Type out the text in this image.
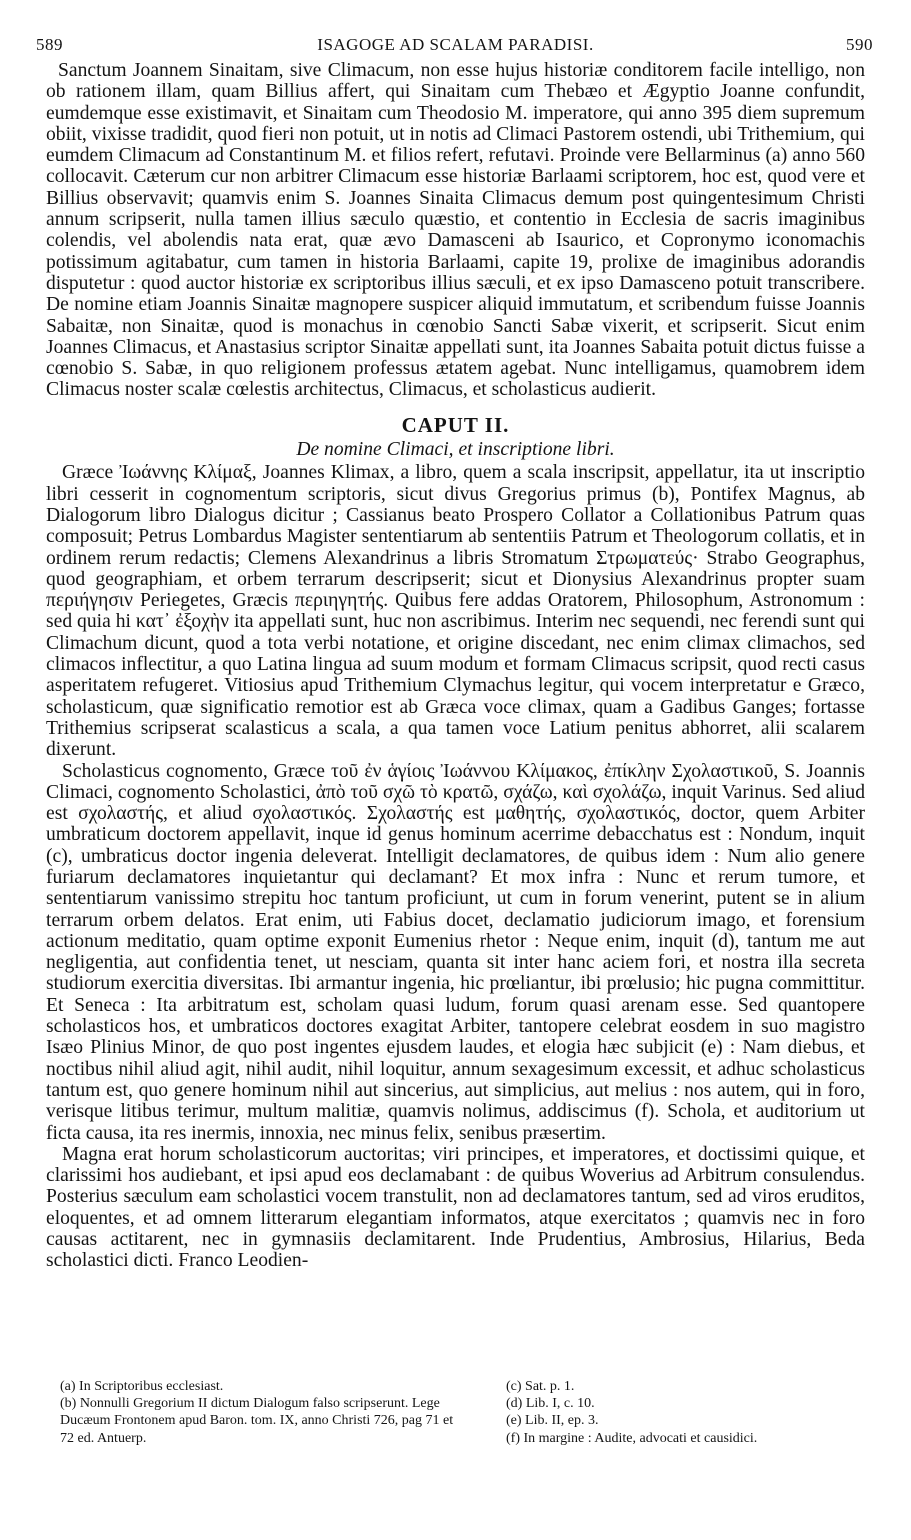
589	ISAGOGE AD SCALAM PARADISI.	590

Sanctum Joannem Sinaitam, sive Climacum, non esse hujus historiæ conditorem facile intelligo, non ob rationem illam, quam Billius affert, qui Sinaitam cum Thebæo et Ægyptio Joanne confundit, eumdemque esse existimavit, et Sinaitam cum Theodosio M. imperatore, qui anno 395 diem supremum obiit, vixisse tradidit, quod fieri non potuit, ut in notis ad Climaci Pastorem ostendi, ubi Trithemium, qui eumdem Climacum ad Constantinum M. et filios refert, refutavi. Proinde vere Bellarminus (a) anno 560 collocavit. Cæterum cur non arbitrer Climacum esse historiæ Barlaami scriptorem, hoc est, quod vere et Billius observavit; quamvis enim S. Joannes Sinaita Climacus demum post quingentesimum Christi annum scripserit, nulla tamen illius sæculo quæstio, et contentio in Ecclesia de sacris imaginibus colendis, vel abolendis nata erat, quæ ævo Damasceni ab Isaurico, et Copronymo iconomachis potissimum agitabatur, cum tamen in historia Barlaami, capite 19, prolixe de imaginibus adorandis disputetur : quod auctor historiæ ex scriptoribus illius sæculi, et ex ipso Damasceno potuit transcribere. De nomine etiam Joannis Sinaitæ magnopere suspicer aliquid immutatum, et scribendum fuisse Joannis Sabaitæ, non Sinaitæ, quod is monachus in cœnobio Sancti Sabæ vixerit, et scripserit. Sicut enim Joannes Climacus, et Anastasius scriptor Sinaitæ appellati sunt, ita Joannes Sabaita potuit dictus fuisse a cœnobio S. Sabæ, in quo religionem professus ætatem agebat. Nunc intelligamus, quamobrem idem Climacus noster scalæ cœlestis architectus, Climacus, et scholasticus audierit.

CAPUT II.
De nomine Climaci, et inscriptione libri.

Græce Ἰωάννης Κλίμαξ, Joannes Klimax, a libro, quem a scala inscripsit, appellatur, ita ut inscriptio libri cesserit in cognomentum scriptoris, sicut divus Gregorius primus (b), Pontifex Magnus, ab Dialogorum libro Dialogus dicitur ; Cassianus beato Prospero Collator a Collationibus Patrum quas composuit; Petrus Lombardus Magister sententiarum ab sententiis Patrum et Theologorum collatis, et in ordinem rerum redactis; Clemens Alexandrinus a libris Stromatum Στρωματεύς· Strabo Geographus, quod geographiam, et orbem terrarum descripserit; sicut et Dionysius Alexandrinus propter suam περιήγησιν Periegetes, Græcis περιηγητής. Quibus fere addas Oratorem, Philosophum, Astronomum : sed quia hi κατ᾽ ἐξοχὴν ita appellati sunt, huc non ascribimus. Interim nec sequendi, nec ferendi sunt qui Climachum dicunt, quod a tota verbi notatione, et origine discedant, nec enim climax climachos, sed climacos inflectitur, a quo Latina lingua ad suum modum et formam Climacus scripsit, quod recti casus asperitatem refugeret. Vitiosius apud Trithemium Clymachus legitur, qui vocem interpretatur e Græco, scholasticum, quæ significatio remotior est ab Græca voce climax, quam a Gadibus Ganges; fortasse Trithemius scripserat scalasticus a scala, a qua tamen voce Latium penitus abhorret, alii scalarem dixerunt.

Scholasticus cognomento, Græce τοῦ ἐν ἁγίοις Ἰωάννου Κλίμακος, ἐπίκλην Σχολαστικοῦ, S. Joannis Climaci, cognomento Scholastici, ἀπὸ τοῦ σχῶ τὸ κρατῶ, σχάζω, καὶ σχολάζω, inquit Varinus. Sed aliud est σχολαστής, et aliud σχολαστικός. Σχολαστής est μαθητής, σχολαστικός, doctor, quem Arbiter umbraticum doctorem appellavit, inque id genus hominum acerrime debacchatus est : Nondum, inquit (c), umbraticus doctor ingenia deleverat. Intelligit declamatores, de quibus idem : Num alio genere furiarum declamatores inquietantur qui declamant? Et mox infra : Nunc et rerum tumore, et sententiarum vanissimo strepitu hoc tantum proficiunt, ut cum in forum venerint, putent se in alium terrarum orbem delatos. Erat enim, uti Fabius docet, declamatio judiciorum imago, et forensium actionum meditatio, quam optime exponit Eumenius rhetor : Neque enim, inquit (d), tantum me aut negligentia, aut confidentia tenet, ut nesciam, quanta sit inter hanc aciem fori, et nostra illa secreta studiorum exercitia diversitas. Ibi armantur ingenia, hic prœliantur, ibi prœlusio; hic pugna committitur. Et Seneca : Ita arbitratum est, scholam quasi ludum, forum quasi arenam esse. Sed quantopere scholasticos hos, et umbraticos doctores exagitat Arbiter, tantopere celebrat eosdem in suo magistro Isæo Plinius Minor, de quo post ingentes ejusdem laudes, et elogia hæc subjicit (e) : Nam diebus, et noctibus nihil aliud agit, nihil audit, nihil loquitur, annum sexagesimum excessit, et adhuc scholasticus tantum est, quo genere hominum nihil aut sincerius, aut simplicius, aut melius : nos autem, qui in foro, verisque litibus terimur, multum malitiæ, quamvis nolimus, addiscimus (f). Schola, et auditorium ut ficta causa, ita res inermis, innoxia, nec minus felix, senibus præsertim.

Magna erat horum scholasticorum auctoritas; viri principes, et imperatores, et doctissimi quique, et clarissimi hos audiebant, et ipsi apud eos declamabant : de quibus Woverius ad Arbitrum consulendus. Posterius sæculum eam scholastici vocem transtulit, non ad declamatores tantum, sed ad viros eruditos, eloquentes, et ad omnem litterarum elegantiam informatos, atque exercitatos ; quamvis nec in foro causas actitarent, nec in gymnasiis declamitarent. Inde Prudentius, Ambrosius, Hilarius, Beda scholastici dicti. Franco Leodien-

(a) In Scriptoribus ecclesiast.
(b) Nonnulli Gregorium II dictum Dialogum falso scripserunt. Lege Ducæum Frontonem apud Baron. tom. IX, anno Christi 726, pag 71 et 72 ed. Antuerp.
(c) Sat. p. 1.
(d) Lib. I, c. 10.
(e) Lib. II, ep. 3.
(f) In margine : Audite, advocati et causidici.
